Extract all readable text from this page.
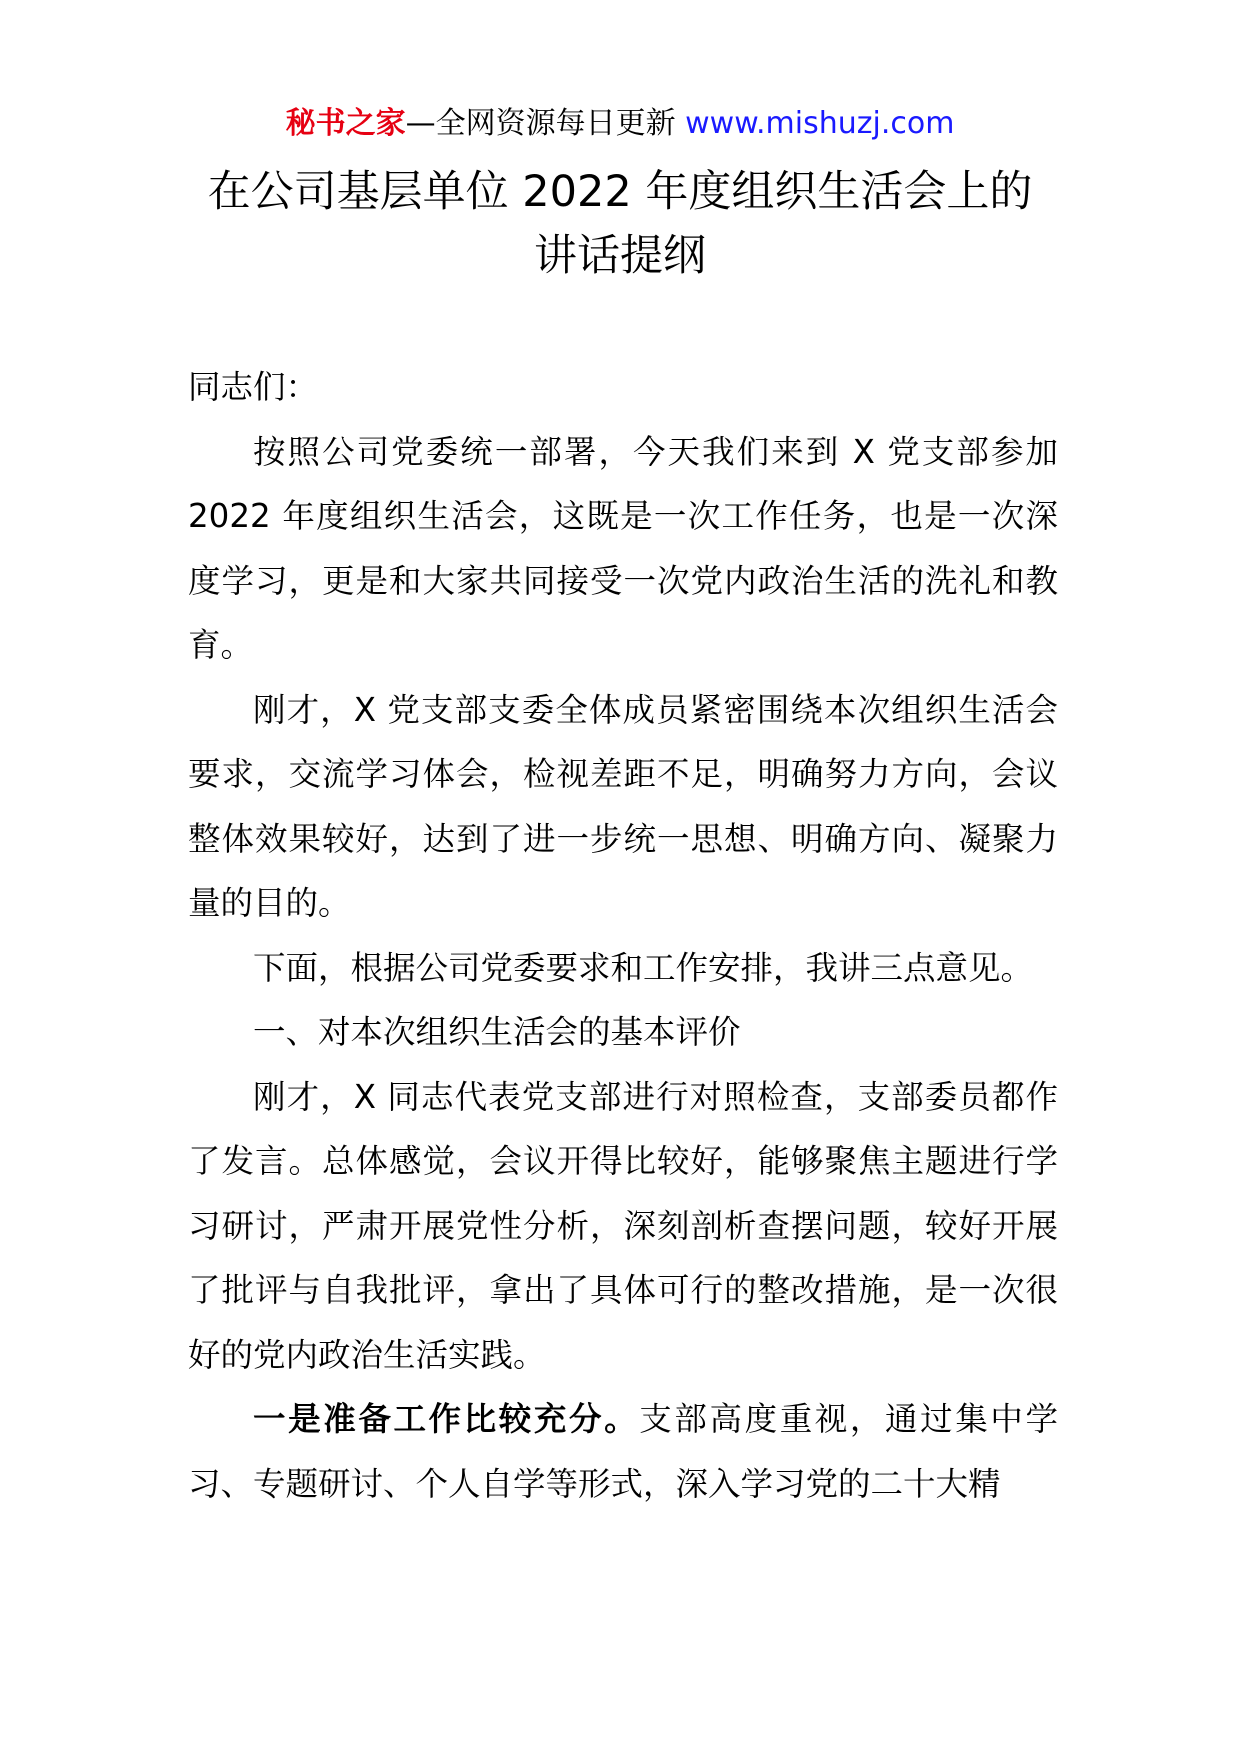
秘书之家—全网资源每日更新 www.mishuzj.com
在公司基层单位 2022 年度组织生活会上的
讲话提纲

同志们：

按照公司党委统一部署，今天我们来到 X 党支部参加 2022 年度组织生活会，这既是一次工作任务，也是一次深度学习，更是和大家共同接受一次党内政治生活的洗礼和教育。

刚才，X 党支部支委全体成员紧密围绕本次组织生活会要求，交流学习体会，检视差距不足，明确努力方向，会议整体效果较好，达到了进一步统一思想、明确方向、凝聚力量的目的。

下面，根据公司党委要求和工作安排，我讲三点意见。

一、对本次组织生活会的基本评价

刚才，X 同志代表党支部进行对照检查，支部委员都作了发言。总体感觉，会议开得比较好，能够聚焦主题进行学习研讨，严肃开展党性分析，深刻剖析查摆问题，较好开展了批评与自我批评，拿出了具体可行的整改措施，是一次很好的党内政治生活实践。

一是准备工作比较充分。支部高度重视，通过集中学习、专题研讨、个人自学等形式，深入学习党的二十大精
